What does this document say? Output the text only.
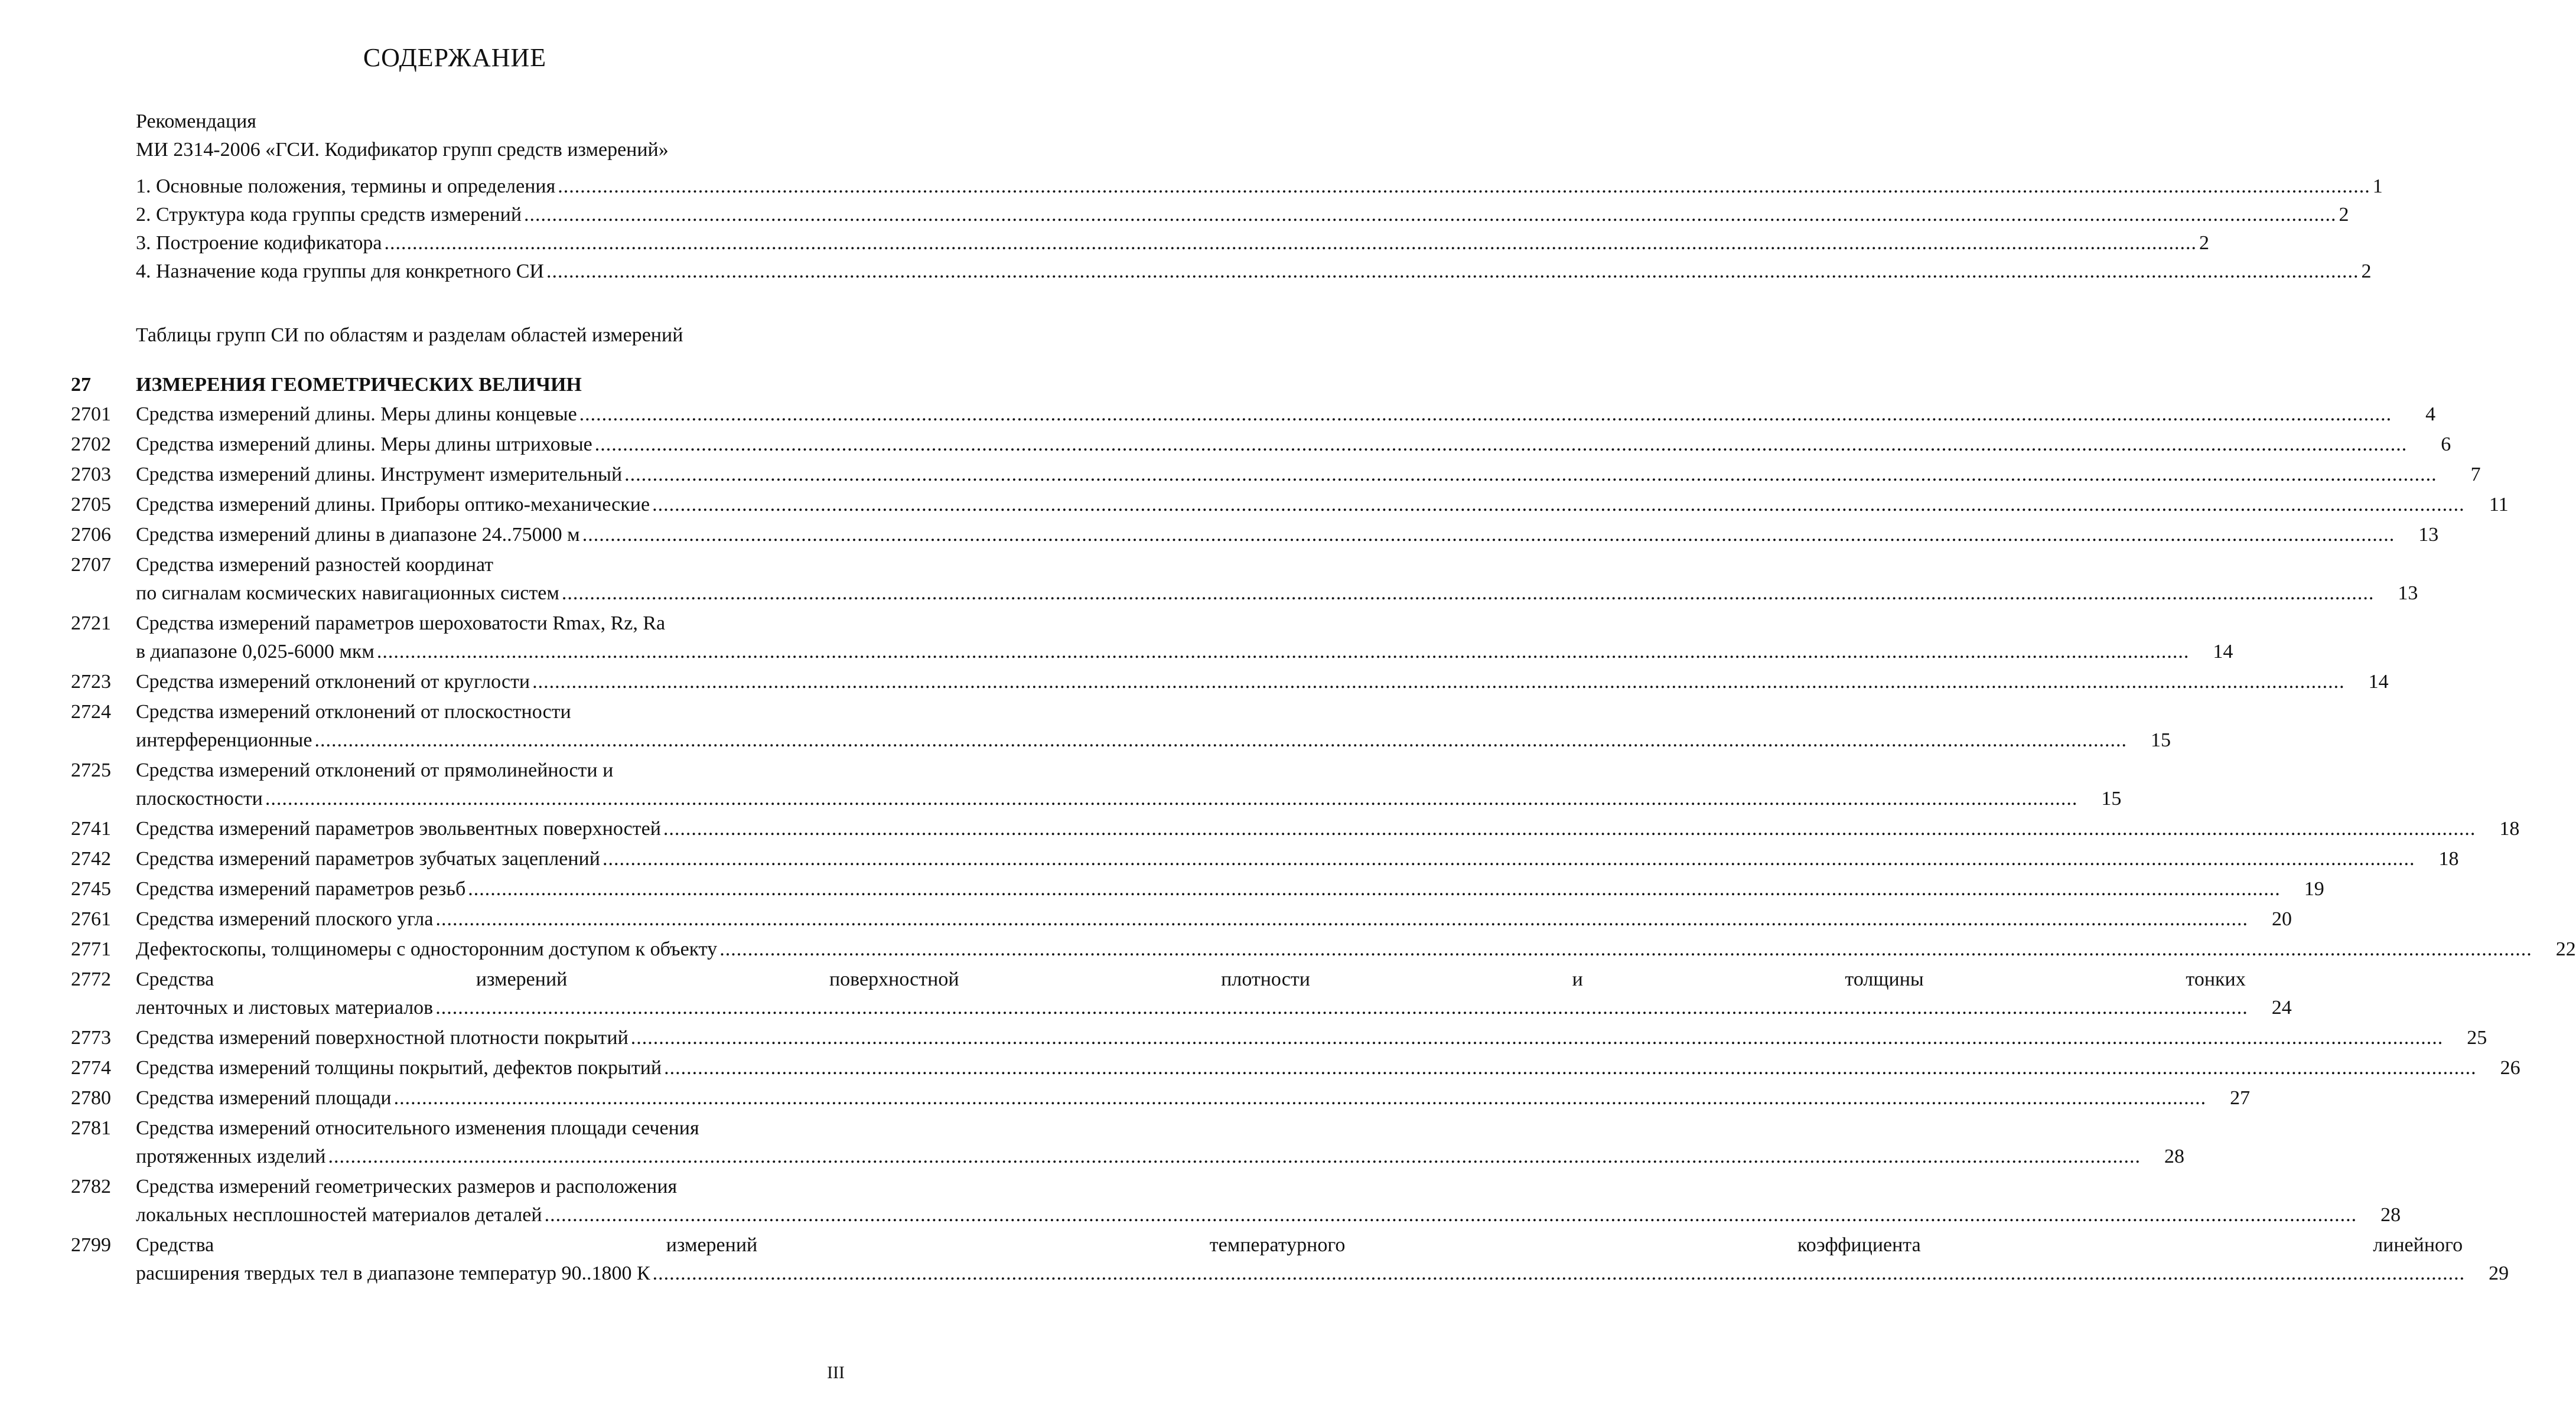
СОДЕРЖАНИЕ
Рекомендация
МИ 2314-2006 «ГСИ. Кодификатор групп средств измерений»
1. Основные положения, термины и определения .....	1
2. Структура кода группы средств измерений .....	2
3. Построение кодификатора .....	2
4. Назначение кода группы для конкретного СИ .....	2
Таблицы групп СИ по областям и разделам областей измерений
27	ИЗМЕРЕНИЯ ГЕОМЕТРИЧЕСКИХ ВЕЛИЧИН
2701	Средства измерений длины. Меры длины концевые .....	4
2702	Средства измерений длины. Меры длины штриховые .....	6
2703	Средства измерений длины. Инструмент измерительный .....	7
2705	Средства измерений длины. Приборы оптико-механические .....	11
2706	Средства измерений длины в диапазоне 24..75000 м .....	13
2707	Средства измерений разностей координат
по сигналам космических навигационных систем .....	13
2721	Средства измерений параметров шероховатости Rmax, Rz, Ra
в диапазоне 0,025-6000 мкм .....	14
2723	Средства измерений отклонений от круглости .....	14
2724	Средства измерений отклонений от плоскостности
интерференционные .....	15
2725	Средства измерений отклонений от прямолинейности и
плоскостности .....	15
2741	Средства измерений параметров эвольвентных поверхностей .....	18
2742	Средства измерений параметров зубчатых зацеплений .....	18
2745	Средства измерений параметров резьб .....	19
2761	Средства измерений плоского угла .....	20
2771	Дефектоскопы, толщиномеры с односторонним доступом к объекту .....	22
2772	Средства измерений поверхностной плотности и толщины тонких
ленточных и листовых материалов .....	24
2773	Средства измерений поверхностной плотности покрытий .....	25
2774	Средства измерений толщины покрытий, дефектов покрытий .....	26
2780	Средства измерений площади .....	27
2781	Средства измерений относительного изменения площади сечения
протяженных изделий .....	28
2782	Средства измерений геометрических размеров и расположения
локальных несплошностей материалов деталей .....	28
2799	Средства измерений температурного коэффициента линейного
расширения твердых тел в диапазоне температур 90..1800 К .....	29
III
